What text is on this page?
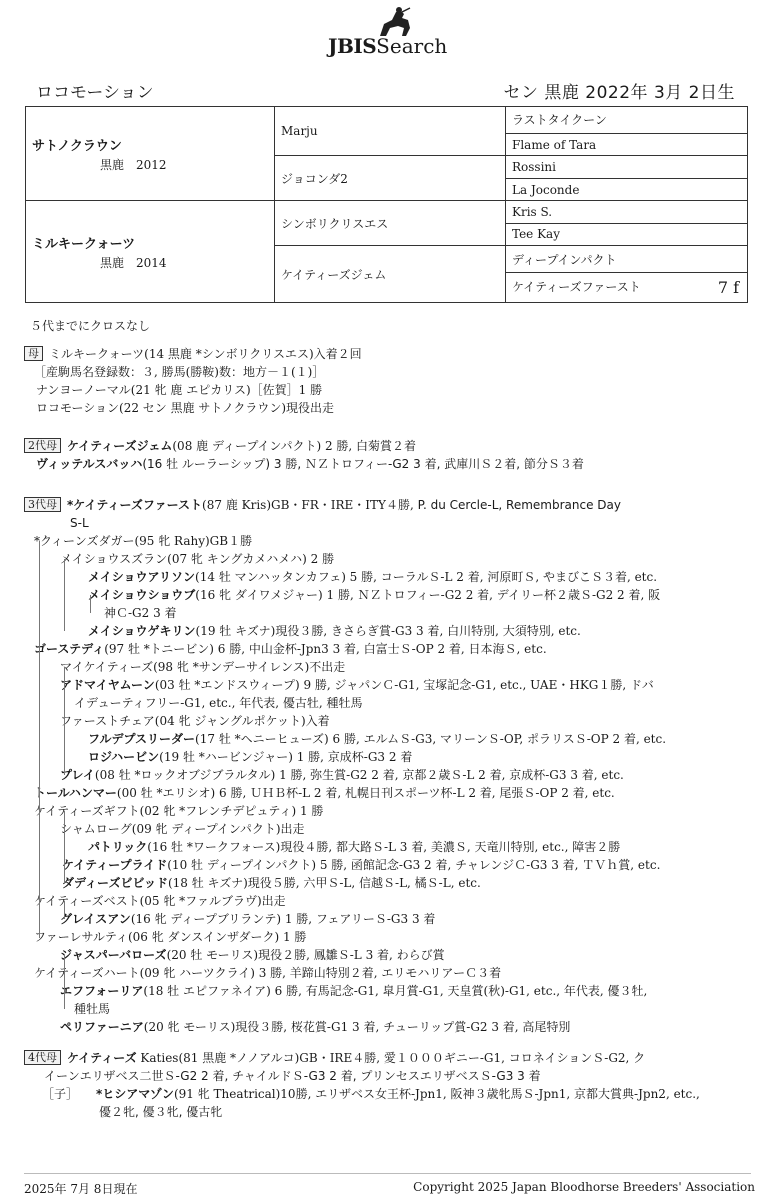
JBISSearch
ロコモーション	セン 黒鹿 2022年 3月 2日生
サトノクラウン
黒鹿　2012	Marju	ラストタイクーン
		Flame of Tara
	ジョコンダ2	Rossini
		La Joconde

ミルキークォーツ
黒鹿　2014	シンボリクリスエス	Kris S.
		Tee Kay
	ケイティーズジェム	ディープインパクト
		ケイティーズファースト 7 f
５代までにクロスなし
母 ミルキークォーツ(14 黒鹿 *シンボリクリスエス)入着２回
［産駒馬名登録数：３, 勝馬(勝鞍)数：地方－１(１)］
ナンヨーノーマル(21 牝 鹿 エピカリス)［佐賀］1 勝
ロコモーション(22 セン 黒鹿 サトノクラウン)現役出走
2代母 ケイティーズジェム(08 鹿 ディープインパクト) 2 勝, 白菊賞２着
ヴィッテルスバッハ(16 牡 ルーラーシップ) 3 勝, ＮＺトロフィー-G2 3 着, 武庫川Ｓ２着, 節分Ｓ３着
3代母 *ケイティーズファースト(87 鹿 Kris)GB・FR・IRE・ITY４勝, P. du Cercle-L, Remembrance Day
S-L
*クィーンズダガー(95 牝 Rahy)GB１勝
メイショウスズラン(07 牝 キングカメハメハ) 2 勝
メイショウアリソン(14 牡 マンハッタンカフェ) 5 勝, コーラルＳ-L 2 着, 河原町Ｓ, やまびこＳ３着, etc.
メイショウショウブ(16 牝 ダイワメジャー) 1 勝, ＮＺトロフィー-G2 2 着, デイリー杯２歳Ｓ-G2 2 着, 阪
神Ｃ-G2 3 着
メイショウゲキリン(19 牡 キズナ)現役３勝, きさらぎ賞-G3 3 着, 白川特別, 大須特別, etc.
ゴーステディ(97 牡 *トニービン) 6 勝, 中山金杯-Jpn3 3 着, 白富士Ｓ-OP 2 着, 日本海Ｓ, etc.
マイケイティーズ(98 牝 *サンデーサイレンス)不出走
アドマイヤムーン(03 牡 *エンドスウィープ) 9 勝, ジャパンＣ-G1, 宝塚記念-G1, etc., UAE・HKG１勝, ドバ
イデューティフリー-G1, etc., 年代表, 優古牡, 種牡馬
ファーストチェア(04 牝 ジャングルポケット)入着
フルデプスリーダー(17 牡 *ヘニーヒューズ) 6 勝, エルムＳ-G3, マリーンＳ-OP, ポラリスＳ-OP 2 着, etc.
ロジハービン(19 牡 *ハービンジャー) 1 勝, 京成杯-G3 2 着
プレイ(08 牡 *ロックオブジブラルタル) 1 勝, 弥生賞-G2 2 着, 京都２歳Ｓ-L 2 着, 京成杯-G3 3 着, etc.
トールハンマー(00 牡 *エリシオ) 6 勝, ＵＨＢ杯-L 2 着, 札幌日刊スポーツ杯-L 2 着, 尾張Ｓ-OP 2 着, etc.
ケイティーズギフト(02 牝 *フレンチデピュティ) 1 勝
シャムローグ(09 牝 ディープインパクト)出走
パトリック(16 牡 *ワークフォース)現役４勝, 都大路Ｓ-L 3 着, 美濃Ｓ, 天竜川特別, etc., 障害２勝
ケイティープライド(10 牡 ディープインパクト) 5 勝, 函館記念-G3 2 着, チャレンジＣ-G3 3 着, ＴＶｈ賞, etc.
ダディーズビビッド(18 牡 キズナ)現役５勝, 六甲Ｓ-L, 信越Ｓ-L, 橘Ｓ-L, etc.
ケイティーズベスト(05 牝 *ファルブラヴ)出走
グレイスアン(16 牝 ディープブリランテ) 1 勝, フェアリーＳ-G3 3 着
ファーレサルティ(06 牝 ダンスインザダーク) 1 勝
ジャスパーバローズ(20 牡 モーリス)現役２勝, 鳳雛Ｓ-L 3 着, わらび賞
ケイティーズハート(09 牝 ハーツクライ) 3 勝, 羊蹄山特別２着, エリモハリアーＣ３着
エフフォーリア(18 牡 エピファネイア) 6 勝, 有馬記念-G1, 皐月賞-G1, 天皇賞(秋)-G1, etc., 年代表, 優３牡,
種牡馬
ペリファーニア(20 牝 モーリス)現役３勝, 桜花賞-G1 3 着, チューリップ賞-G2 3 着, 高尾特別
4代母 ケイティーズ Katies(81 黒鹿 *ノノアルコ)GB・IRE４勝, 愛１０００ギニー-G1, コロネイションＳ-G2, ク
イーンエリザベス二世Ｓ-G2 2 着, チャイルドＳ-G3 2 着, プリンセスエリザベスＳ-G3 3 着
［子］ *ヒシアマゾン(91 牝 Theatrical)10勝, エリザベス女王杯-Jpn1, 阪神３歳牝馬Ｓ-Jpn1, 京都大賞典-Jpn2, etc.,
優２牝, 優３牝, 優古牝
2025年 7月 8日現在	Copyright 2025 Japan Bloodhorse Breeders' Association
